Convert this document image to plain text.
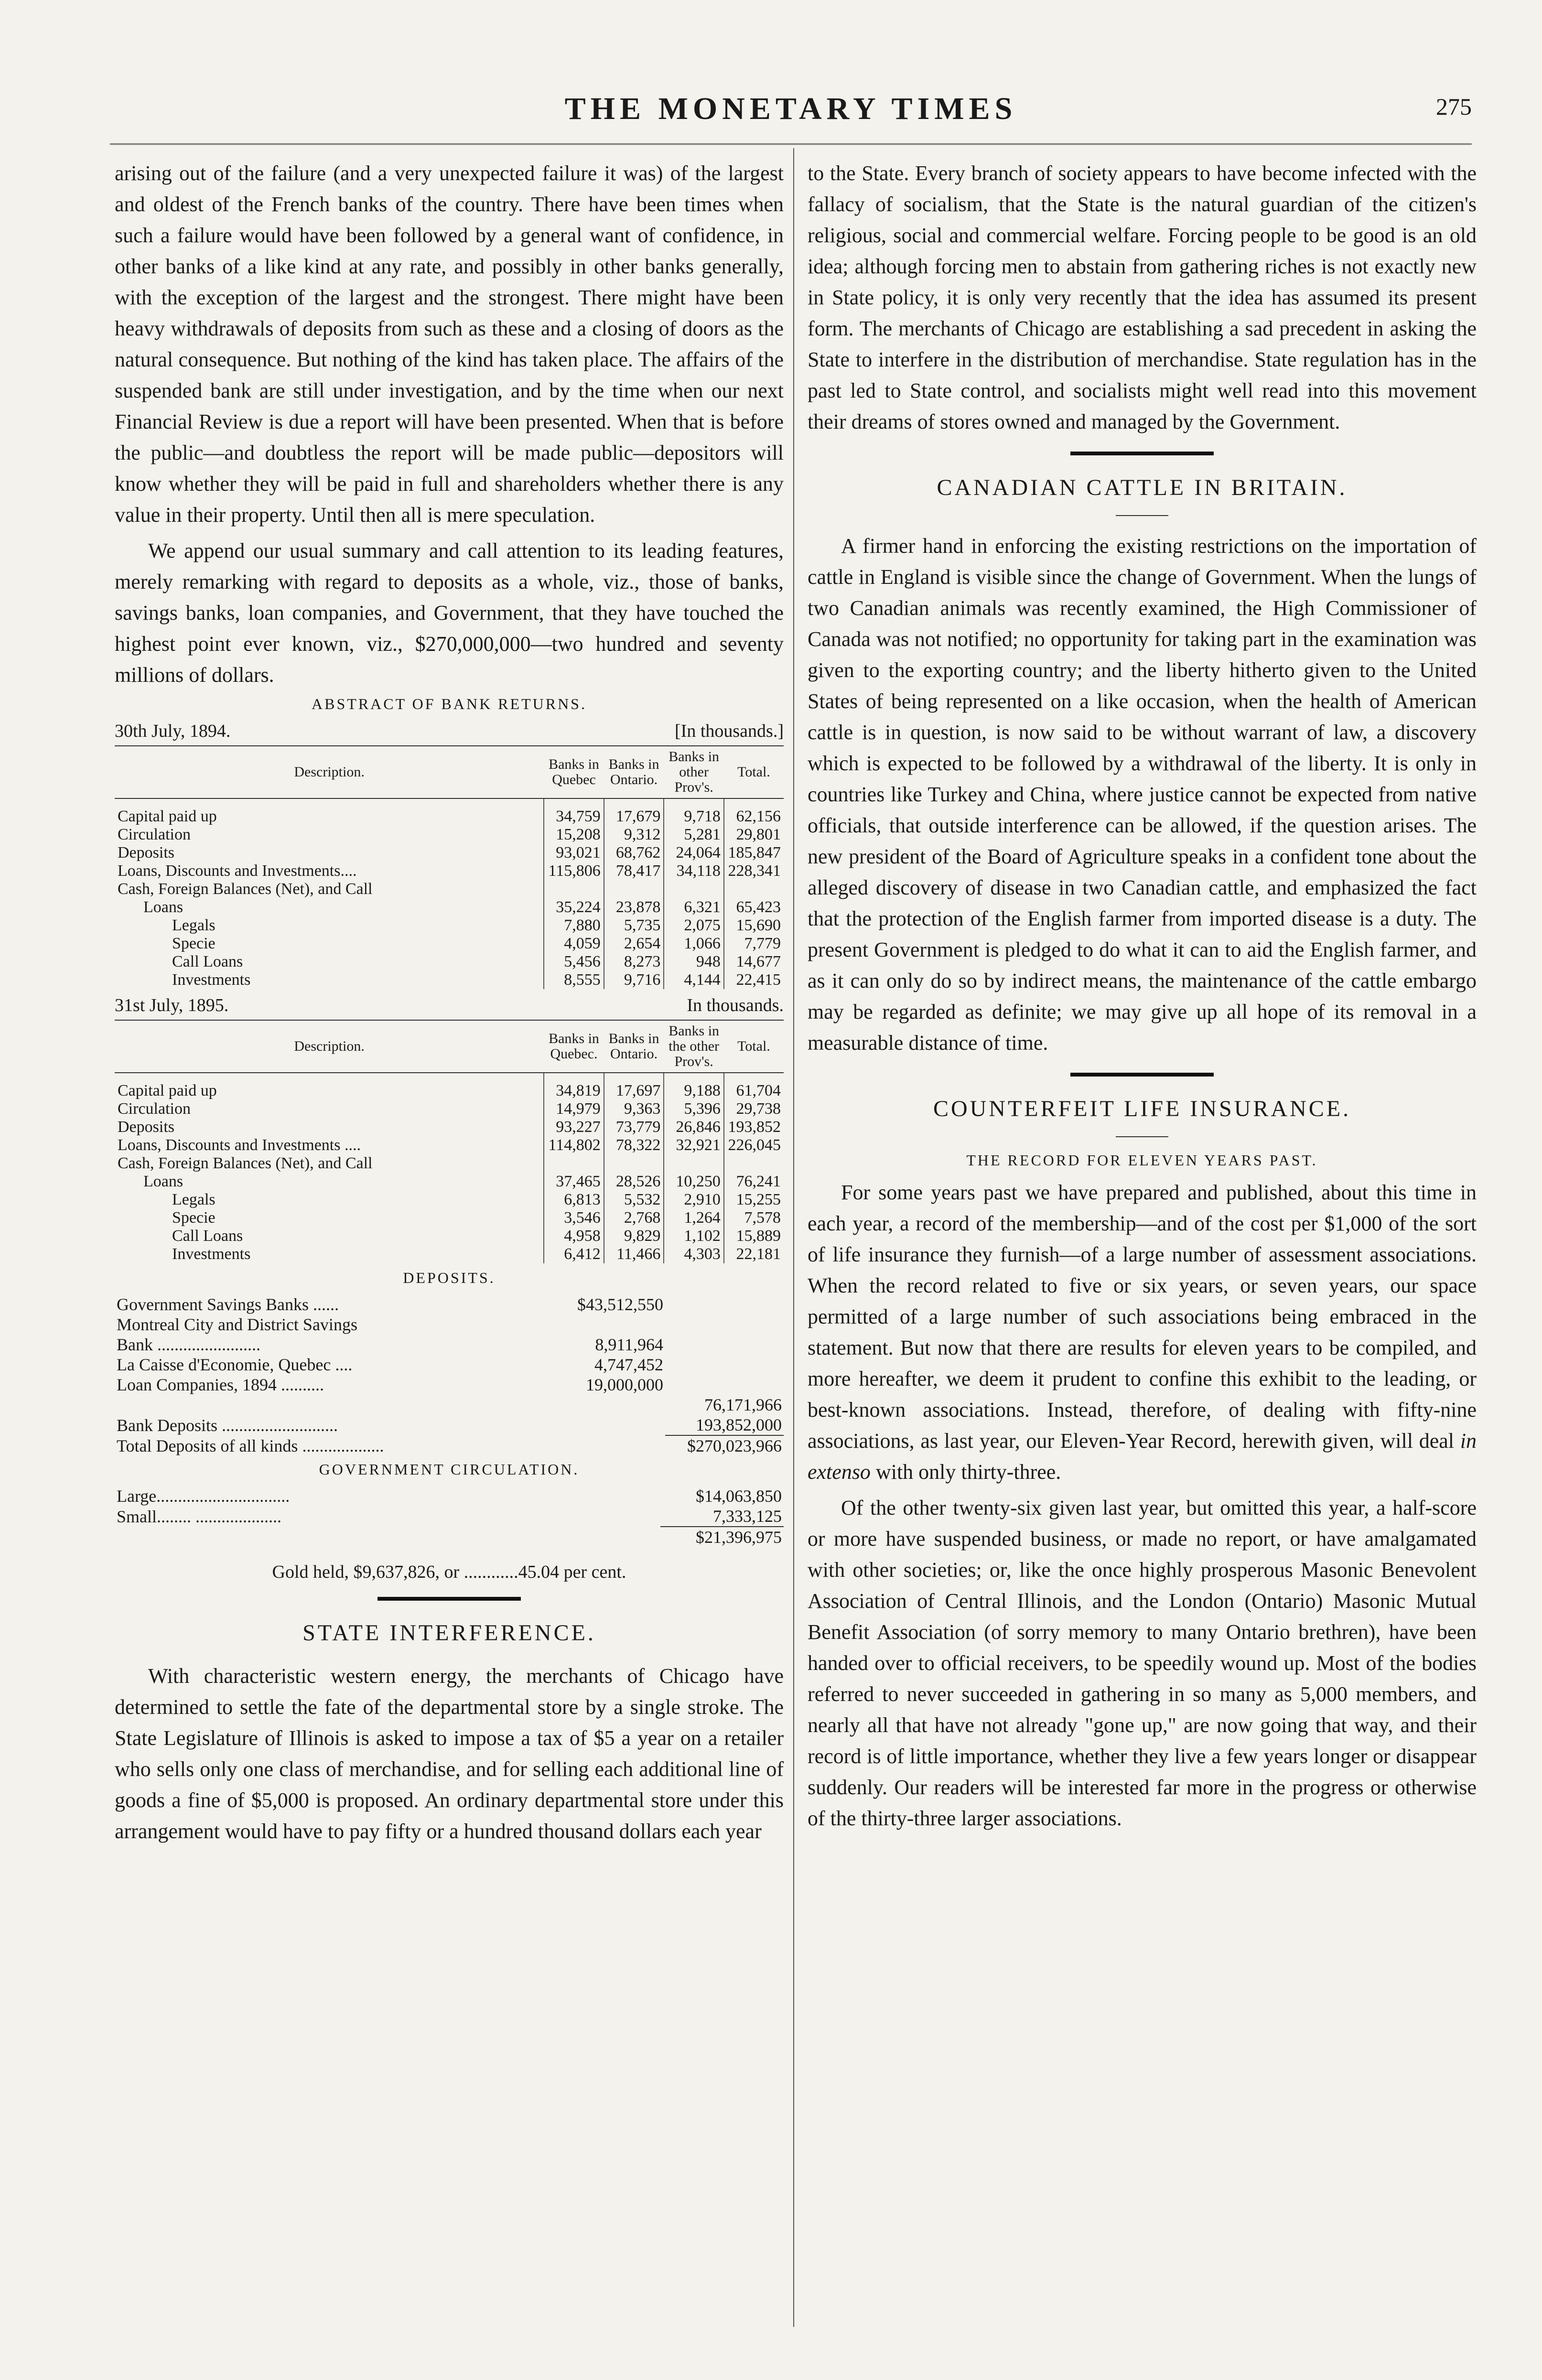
THE MONETARY TIMES	275

arising out of the failure (and a very unexpected failure it was) of the largest and oldest of the French banks of the country. There have been times when such a failure would have been followed by a general want of confidence, in other banks of a like kind at any rate, and possibly in other banks generally, with the exception of the largest and the strongest. There might have been heavy withdrawals of deposits from such as these and a closing of doors as the natural consequence. But nothing of the kind has taken place. The affairs of the suspended bank are still under investigation, and by the time when our next Financial Review is due a report will have been presented. When that is before the public—and doubtless the report will be made public—depositors will know whether they will be paid in full and shareholders whether there is any value in their property. Until then all is mere speculation.

We append our usual summary and call attention to its leading features, merely remarking with regard to deposits as a whole, viz., those of banks, savings banks, loan companies, and Government, that they have touched the highest point ever known, viz., $270,000,000—two hundred and seventy millions of dollars.

ABSTRACT OF BANK RETURNS.
30th July, 1894.	[In thousands.]
Description.	Banks in Quebec	Banks in Ontario.	Banks in other Prov's.	Total.
Capital paid up	34,759	17,679	9,718	62,156
Circulation	15,208	9,312	5,281	29,801
Deposits	93,021	68,762	24,064	185,847
Loans, Discounts and Investments....	115,806	78,417	34,118	228,341
Cash, Foreign Balances (Net), and Call				
Loans	35,224	23,878	6,321	65,423
Legals	7,880	5,735	2,075	15,690
Specie	4,059	2,654	1,066	7,779
Call Loans	5,456	8,273	948	14,677
Investments	8,555	9,716	4,144	22,415
31st July, 1895.	In thousands.
Description.	Banks in Quebec.	Banks in Ontario.	Banks in the other Prov's.	Total.
Capital paid up	34,819	17,697	9,188	61,704
Circulation	14,979	9,363	5,396	29,738
Deposits	93,227	73,779	26,846	193,852
Loans, Discounts and Investments ....	114,802	78,322	32,921	226,045
Cash, Foreign Balances (Net), and Call				
Loans	37,465	28,526	10,250	76,241
Legals	6,813	5,532	2,910	15,255
Specie	3,546	2,768	1,264	7,578
Call Loans	4,958	9,829	1,102	15,889
Investments	6,412	11,466	4,303	22,181
DEPOSITS.
Government Savings Banks ......	$43,512,550	
Montreal City and District Savings		
Bank ........................	8,911,964	
La Caisse d'Economie, Quebec ....	4,747,452	
Loan Companies, 1894 ..........	19,000,000	
		76,171,966
Bank Deposits ...........................		193,852,000
Total Deposits of all kinds ...................		$270,023,966
GOVERNMENT CIRCULATION.
Large...............................	$14,063,850
Small........ ....................	7,333,125
	$21,396,975
Gold held, $9,637,826, or ............45.04 per cent.
STATE INTERFERENCE.

With characteristic western energy, the merchants of Chicago have determined to settle the fate of the departmental store by a single stroke. The State Legislature of Illinois is asked to impose a tax of $5 a year on a retailer who sells only one class of merchandise, and for selling each additional line of goods a fine of $5,000 is proposed. An ordinary departmental store under this arrangement would have to pay fifty or a hundred thousand dollars each year

to the State. Every branch of society appears to have become infected with the fallacy of socialism, that the State is the natural guardian of the citizen's religious, social and commercial welfare. Forcing people to be good is an old idea; although forcing men to abstain from gathering riches is not exactly new in State policy, it is only very recently that the idea has assumed its present form. The merchants of Chicago are establishing a sad precedent in asking the State to interfere in the distribution of merchandise. State regulation has in the past led to State control, and socialists might well read into this movement their dreams of stores owned and managed by the Government.

CANADIAN CATTLE IN BRITAIN.

A firmer hand in enforcing the existing restrictions on the importation of cattle in England is visible since the change of Government. When the lungs of two Canadian animals was recently examined, the High Commissioner of Canada was not notified; no opportunity for taking part in the examination was given to the exporting country; and the liberty hitherto given to the United States of being represented on a like occasion, when the health of American cattle is in question, is now said to be without warrant of law, a discovery which is expected to be followed by a withdrawal of the liberty. It is only in countries like Turkey and China, where justice cannot be expected from native officials, that outside interference can be allowed, if the question arises. The new president of the Board of Agriculture speaks in a confident tone about the alleged discovery of disease in two Canadian cattle, and emphasized the fact that the protection of the English farmer from imported disease is a duty. The present Government is pledged to do what it can to aid the English farmer, and as it can only do so by indirect means, the maintenance of the cattle embargo may be regarded as definite; we may give up all hope of its removal in a measurable distance of time.

COUNTERFEIT LIFE INSURANCE.
THE RECORD FOR ELEVEN YEARS PAST.

For some years past we have prepared and published, about this time in each year, a record of the membership—and of the cost per $1,000 of the sort of life insurance they furnish—of a large number of assessment associations. When the record related to five or six years, or seven years, our space permitted of a large number of such associations being embraced in the statement. But now that there are results for eleven years to be compiled, and more hereafter, we deem it prudent to confine this exhibit to the leading, or best-known associations. Instead, therefore, of dealing with fifty-nine associations, as last year, our Eleven-Year Record, herewith given, will deal in extenso with only thirty-three.

Of the other twenty-six given last year, but omitted this year, a half-score or more have suspended business, or made no report, or have amalgamated with other societies; or, like the once highly prosperous Masonic Benevolent Association of Central Illinois, and the London (Ontario) Masonic Mutual Benefit Association (of sorry memory to many Ontario brethren), have been handed over to official receivers, to be speedily wound up. Most of the bodies referred to never succeeded in gathering in so many as 5,000 members, and nearly all that have not already "gone up," are now going that way, and their record is of little importance, whether they live a few years longer or disappear suddenly. Our readers will be interested far more in the progress or otherwise of the thirty-three larger associations.
